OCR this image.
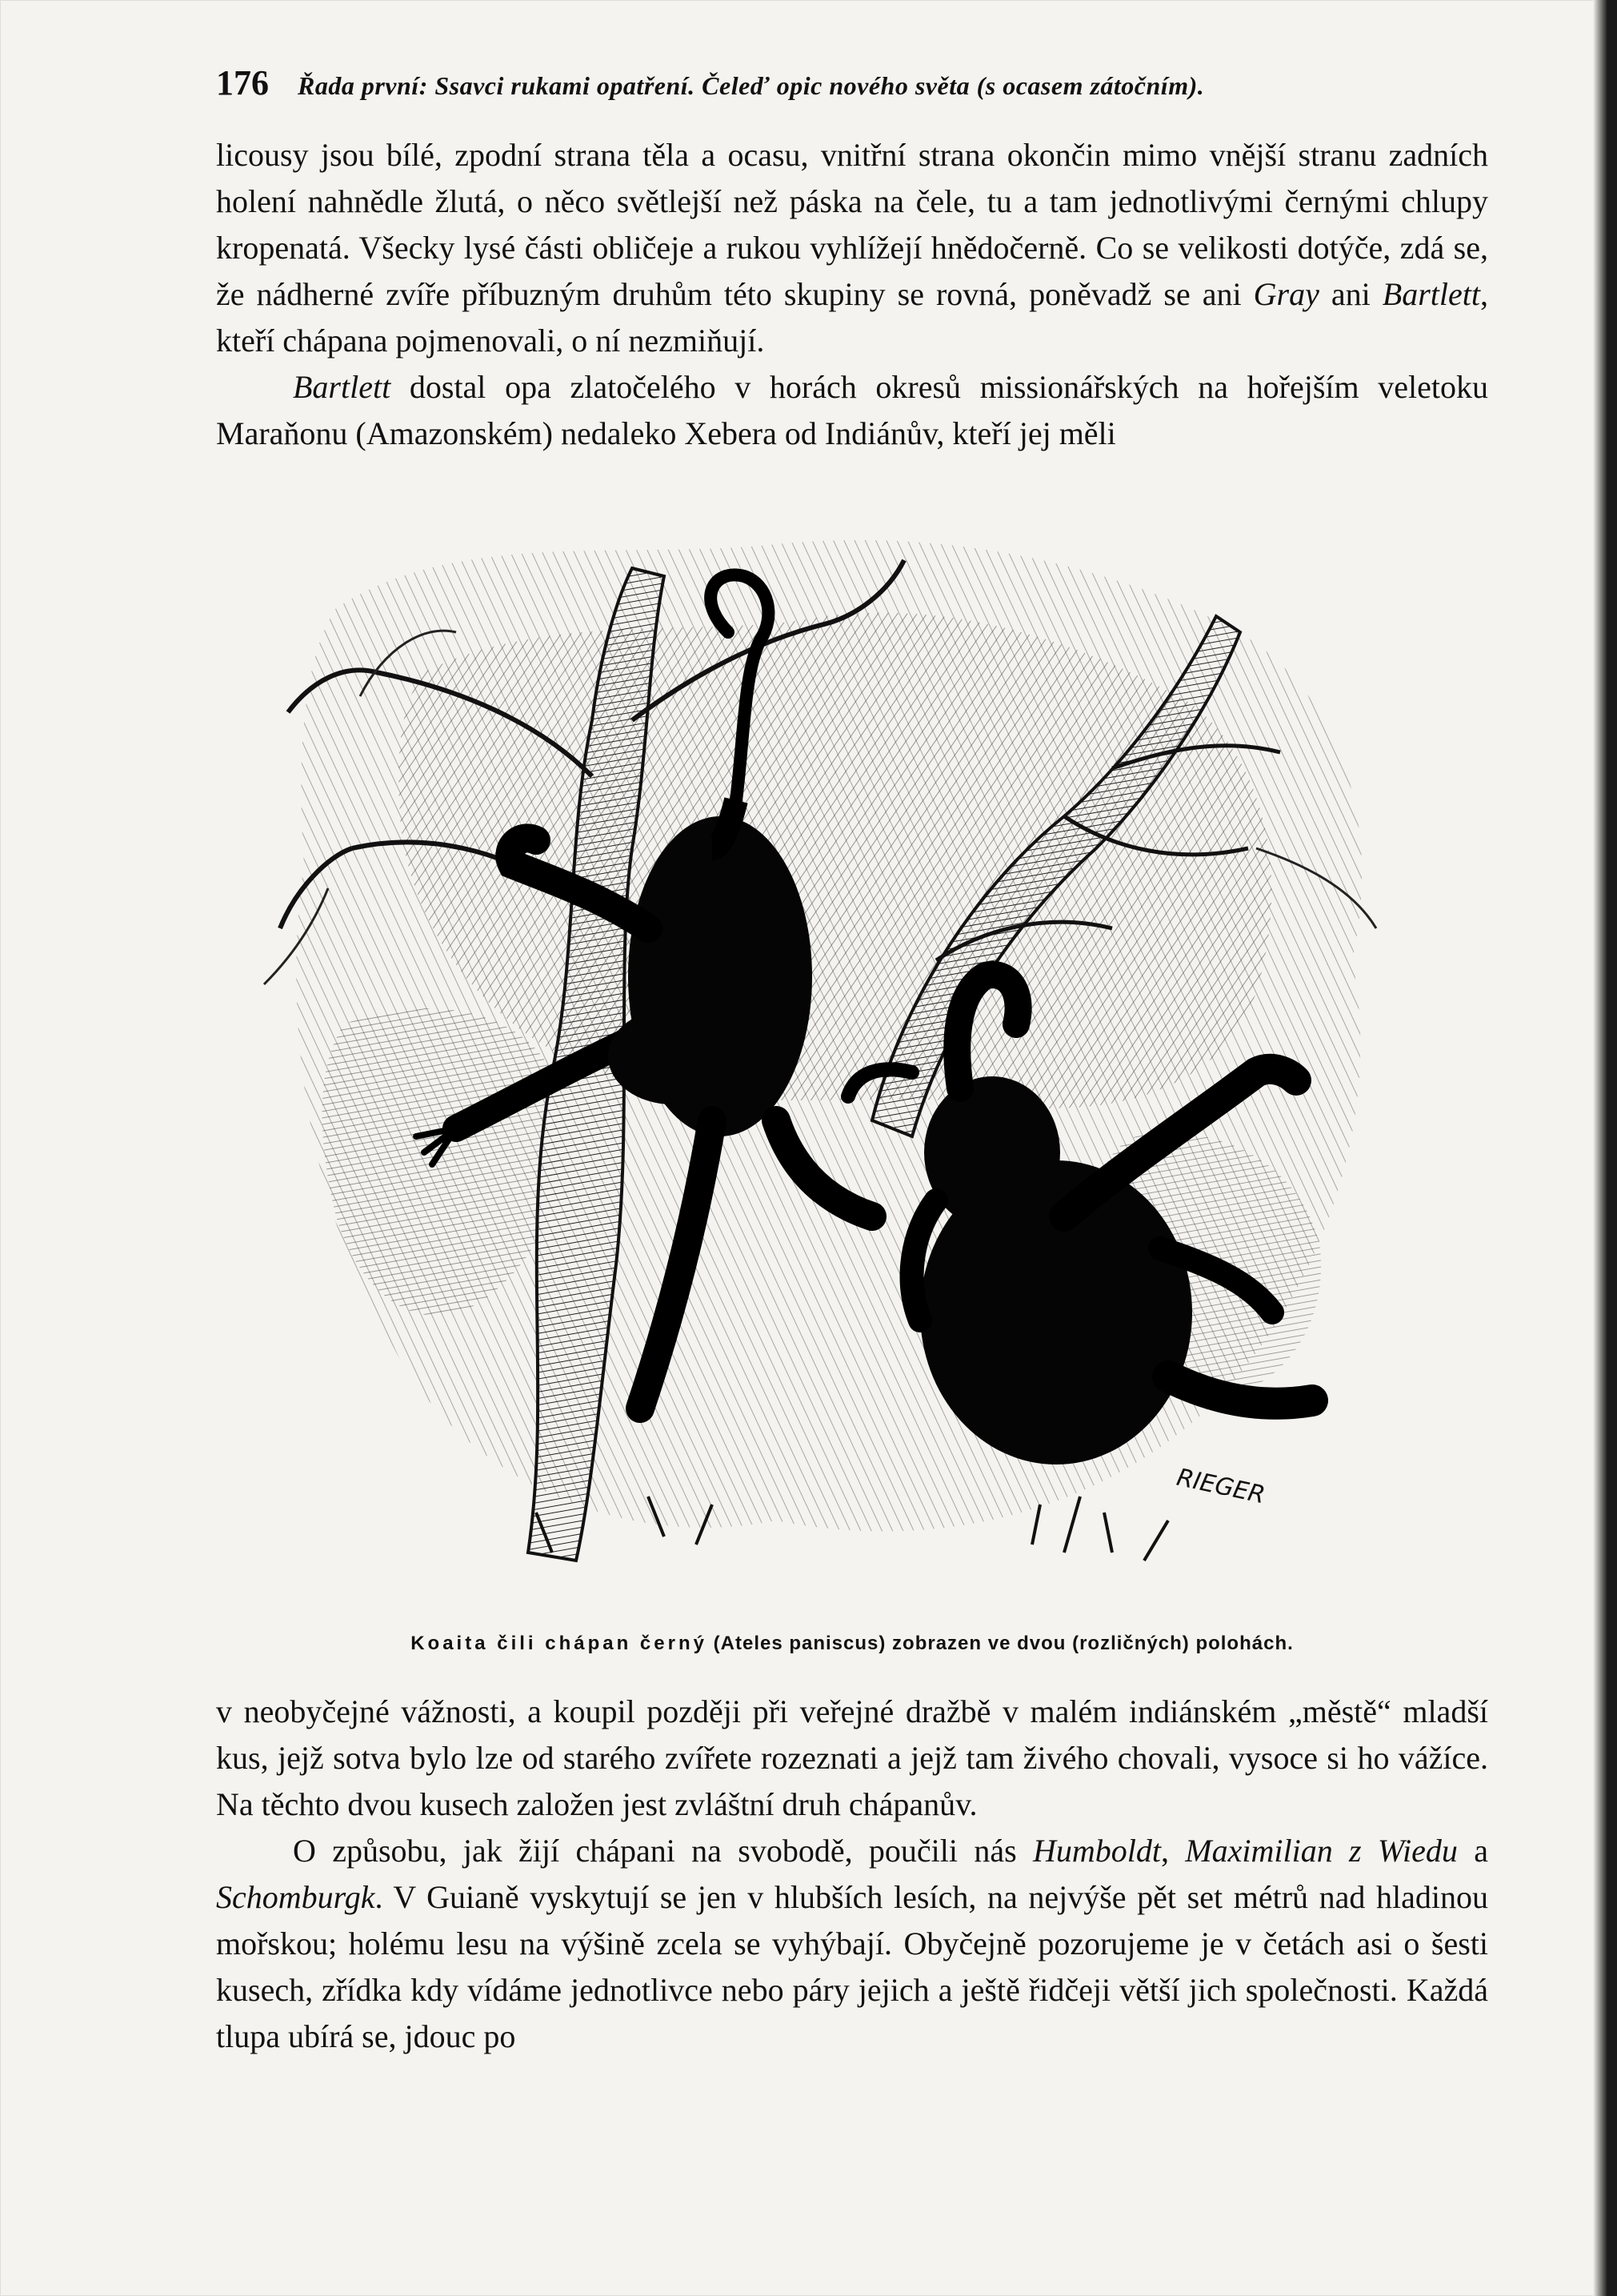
176 Řada první: Ssavci rukami opatření. Čeleď opic nového světa (s ocasem zátočním).

licousy jsou bílé, zpodní strana těla a ocasu, vnitřní strana okončin mimo vnější stranu zadních holení nahnědle žlutá, o něco světlejší než páska na čele, tu a tam jednotlivými černými chlupy kropenatá. Všecky lysé části obličeje a rukou vyhlížejí hnědočerně. Co se velikosti dotýče, zdá se, že nádherné zvíře příbuzným druhům této skupiny se rovná, poněvadž se ani Gray ani Bartlett, kteří chápana pojmenovali, o ní nezmiňují.

Bartlett dostal opa zlatočelého v horách okresů missionářských na hořejším veletoku Maraňonu (Amazonském) nedaleko Xebera od Indiánův, kteří jej měli

RIEGER
Koaita čili chápan černý (Ateles paniscus) zobrazen ve dvou (rozličných) polohách.

v neobyčejné vážnosti, a koupil později při veřejné dražbě v malém indiánském „městě“ mladší kus, jejž sotva bylo lze od starého zvířete rozeznati a jejž tam živého chovali, vysoce si ho vážíce. Na těchto dvou kusech založen jest zvláštní druh chápanův.

O způsobu, jak žijí chápani na svobodě, poučili nás Humboldt, Maximilian z Wiedu a Schomburgk. V Guianě vyskytují se jen v hlubších lesích, na nejvýše pět set métrů nad hladinou mořskou; holému lesu na výšině zcela se vyhýbají. Obyčejně pozorujeme je v četách asi o šesti kusech, zřídka kdy vídáme jednotlivce nebo páry jejich a ještě řidčeji větší jich společnosti. Každá tlupa ubírá se, jdouc po
